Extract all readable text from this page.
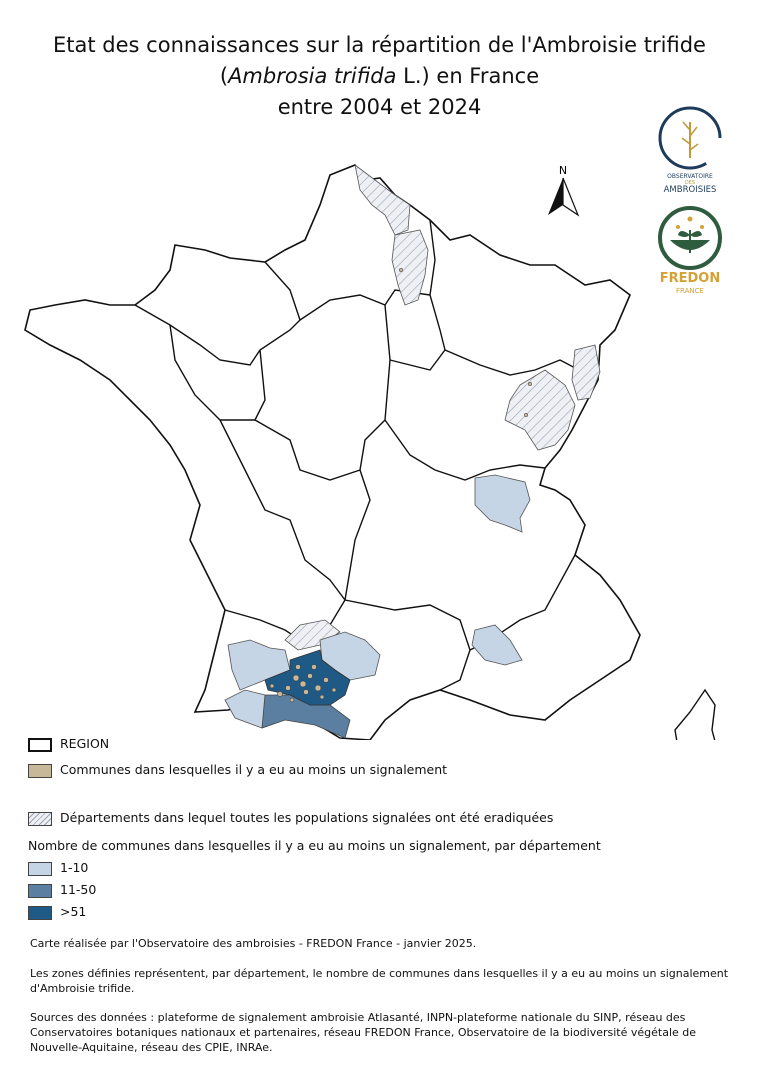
Etat des connaissances sur la répartition de l'Ambroisie trifide
(Ambrosia trifida L.) en France
entre 2004 et 2024
N	OBSERVATOIRE
DES
AMBROISIES
FREDON
FRANCE
REGION
Communes dans lesquelles il y a eu au moins un signalement
Départements dans lequel toutes les populations signalées ont été eradiquées
Nombre de communes dans lesquelles il y a eu au moins un signalement, par département
1-10
11-50
>51
Carte réalisée par l'Observatoire des ambroisies - FREDON France - janvier 2025.
Les zones définies représentent, par département, le nombre de communes dans lesquelles il y a eu au moins un signalement d'Ambroisie trifide.
Sources des données : plateforme de signalement ambroisie Atlasanté, INPN-plateforme nationale du SINP, réseau des Conservatoires botaniques nationaux et partenaires, réseau FREDON France, Observatoire de la biodiversité végétale de Nouvelle-Aquitaine, réseau des CPIE, INRAe.
